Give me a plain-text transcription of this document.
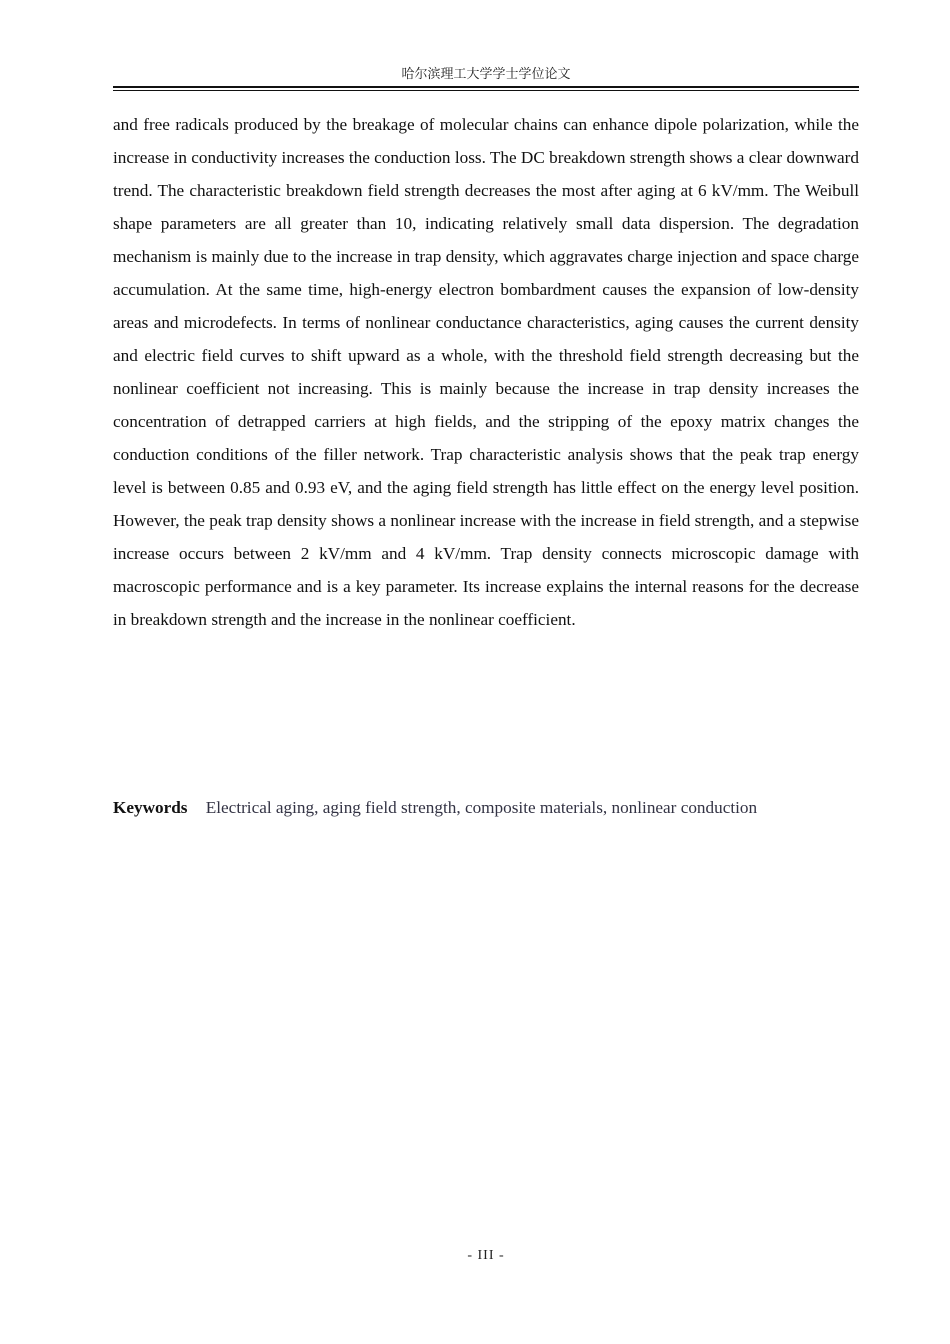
哈尔滨理工大学学士学位论文

and free radicals produced by the breakage of molecular chains can enhance dipole polarization, while the increase in conductivity increases the conduction loss. The DC breakdown strength shows a clear downward trend. The characteristic breakdown field strength decreases the most after aging at 6 kV/mm. The Weibull shape parameters are all greater than 10, indicating relatively small data dispersion. The degradation mechanism is mainly due to the increase in trap density, which aggravates charge injection and space charge accumulation. At the same time, high-energy electron bombardment causes the expansion of low-density areas and microdefects. In terms of nonlinear conductance characteristics, aging causes the current density and electric field curves to shift upward as a whole, with the threshold field strength decreasing but the nonlinear coefficient not increasing. This is mainly because the increase in trap density increases the concentration of detrapped carriers at high fields, and the stripping of the epoxy matrix changes the conduction conditions of the filler network. Trap characteristic analysis shows that the peak trap energy level is between 0.85 and 0.93 eV, and the aging field strength has little effect on the energy level position. However, the peak trap density shows a nonlinear increase with the increase in field strength, and a stepwise increase occurs between 2 kV/mm and 4 kV/mm. Trap density connects microscopic damage with macroscopic performance and is a key parameter. Its increase explains the internal reasons for the decrease in breakdown strength and the increase in the nonlinear coefficient.

Keywords Electrical aging, aging field strength, composite materials, nonlinear conduction
- III -
